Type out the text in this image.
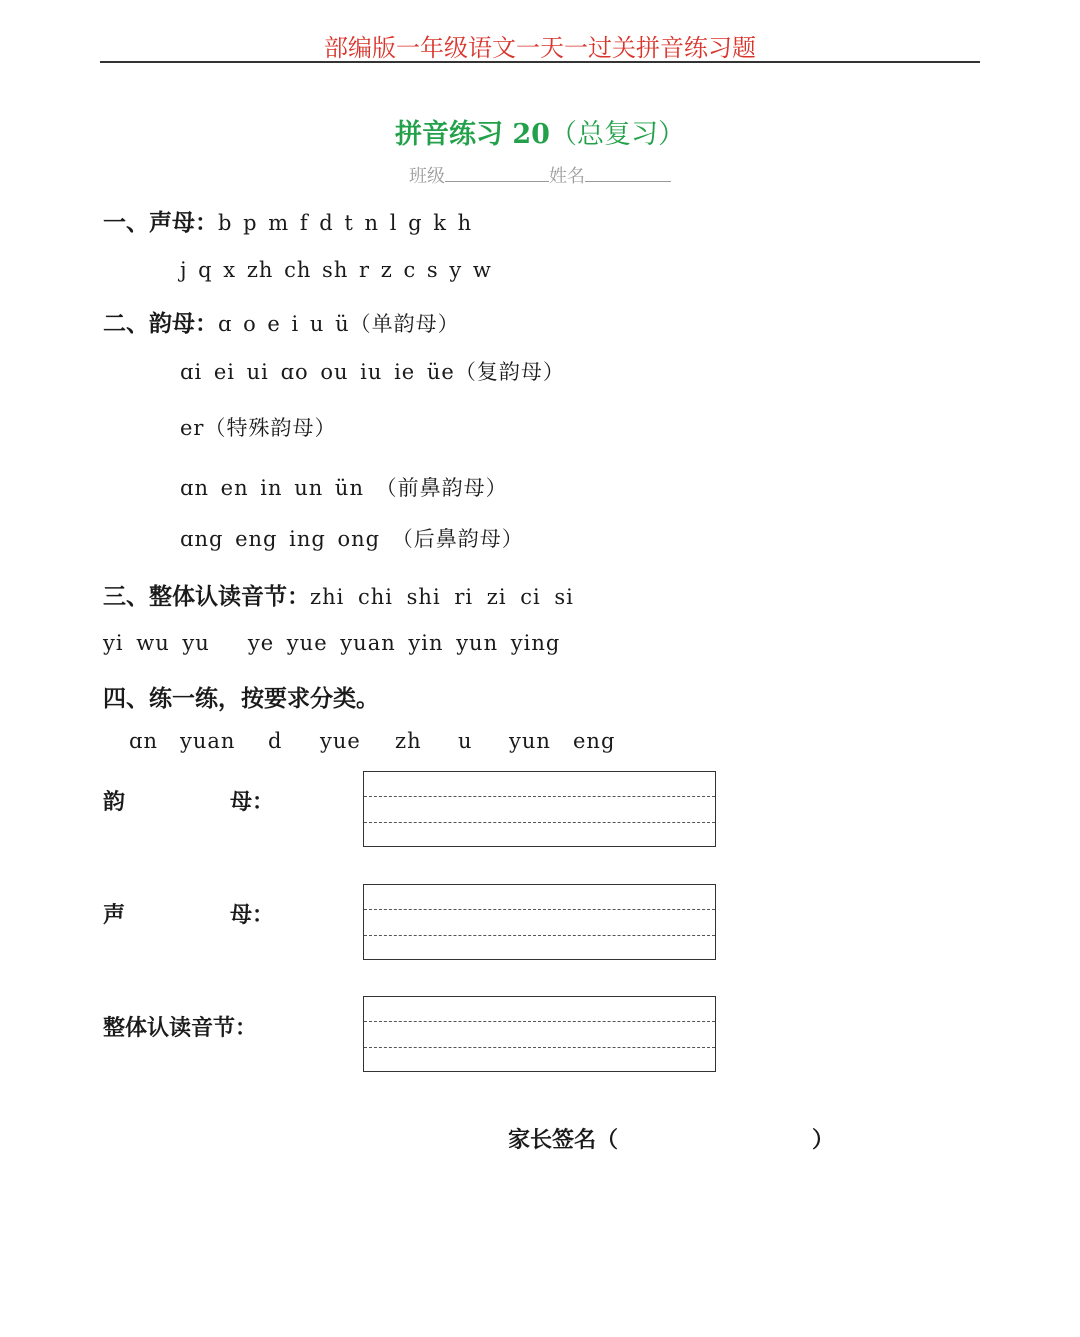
部编版一年级语文一天一过关拼音练习题
拼音练习 20（总复习）
班级	姓名
一、声母：b p m f d t n l g k h
j q x zh ch sh r z c s y w
二、韵母：ɑ o e i u ü（单韵母）
ɑi ei ui ɑo ou iu ie üe（复韵母）
er（特殊韵母）
ɑn en in un ün （前鼻韵母）
ɑng eng ing ong （后鼻韵母）
三、整体认读音节：zhi chi shi ri zi ci si
yi wu yu   ye yue yuan yin yun ying
四、练一练，按要求分类。
ɑn yuan d yue zh u yun eng
韵	母：
声	母：
整体认读音节：
家长签名（	）
